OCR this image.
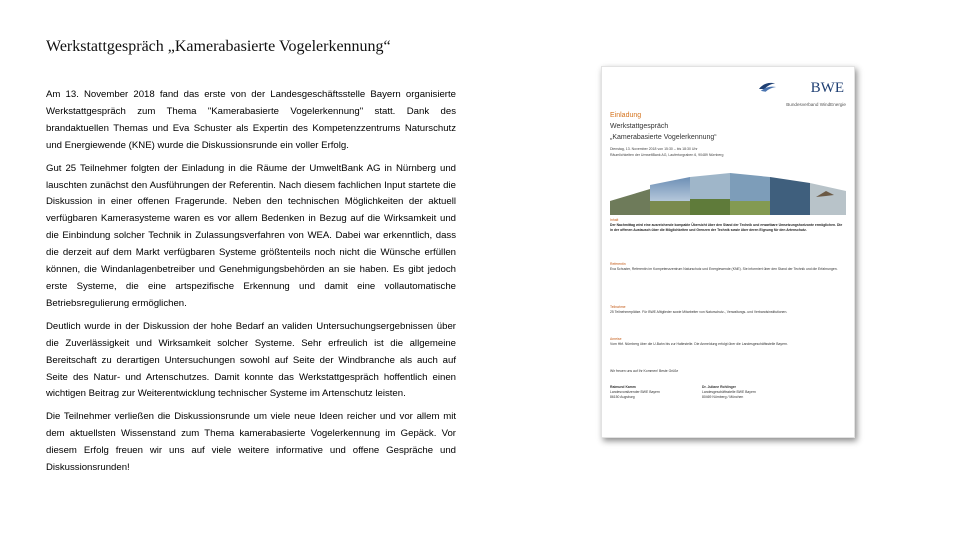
Werkstattgespräch „Kamerabasierte Vogelerkennung“

Am 13. November 2018 fand das erste von der Landesgeschäftsstelle Bayern organisierte Werkstattgespräch zum Thema "Kamerabasierte Vogelerkennung" statt. Dank des brandaktuellen Themas und Eva Schuster als Expertin des Kompetenzzentrums Naturschutz und Energiewende (KNE) wurde die Diskussionsrunde ein voller Erfolg.

Gut 25 Teilnehmer folgten der Einladung in die Räume der UmweltBank AG in Nürnberg und lauschten zunächst den Ausführungen der Referentin. Nach diesem fachlichen Input startete die Diskussion in einer offenen Fragerunde. Neben den technischen Möglichkeiten der aktuell verfügbaren Kamerasysteme waren es vor allem Bedenken in Bezug auf die Wirksamkeit und die Einbindung solcher Technik in Zulassungsverfahren von WEA. Dabei war erkenntlich, dass die derzeit auf dem Markt verfügbaren Systeme größtenteils noch nicht die Wünsche erfüllen können, die Windanlagenbetreiber und Genehmigungsbehörden an sie haben. Es gibt jedoch erste Systeme, die eine artspezifische Erkennung und damit eine vollautomatische Betriebsregulierung ermöglichen.

Deutlich wurde in der Diskussion der hohe Bedarf an validen Untersuchungsergebnissen über die Zuverlässigkeit und Wirksamkeit solcher Systeme. Sehr erfreulich ist die allgemeine Bereitschaft zu derartigen Untersuchungen sowohl auf Seite der Windbranche als auch auf Seite des Natur- und Artenschutzes. Damit konnte das Werkstattgespräch hoffentlich einen wichtigen Beitrag zur Weiterentwicklung technischer Systeme im Artenschutz leisten.

Die Teilnehmer verließen die Diskussionsrunde um viele neue Ideen reicher und vor allem mit dem aktuellsten Wissenstand zum Thema kamerabasierte Vogelerkennung im Gepäck. Vor diesem Erfolg freuen wir uns auf viele weitere informative und offene Gespräche und Diskussionsrunden!

BWE
Bundesverband WindEnergie
Einladung
Werkstattgespräch
„Kamerabasierte Vogelerkennung“
Dienstag, 13. November 2018 von 15:30 – bis 18:30 Uhr
Räumlichkeiten der UmweltBank AG, Laufertorgraben 6, 90489 Nürnberg
Inhalt
Der Nachmittag wird eine ausreichende kompakte Übersicht über den Stand der Technik und erwartbare Umsetzungshorizonte ermöglichen. Die in der offenen Austausch über die Möglichkeiten und Grenzen der Technik sowie über deren Eignung für den Artenschutz.
Referentin
Eva Schuster, Referentin im Kompetenzzentrum Naturschutz und Energiewende (KNE). Sie informiert über den Stand der Technik und die Erfahrungen.
Teilnahme
25 Teilnehmerplätze. Für BWE-Mitglieder sowie Mitarbeiter von Naturschutz-, Verwaltungs- und Verbandsinstitutionen.
Anreise
Vom Hbf. Nürnberg über die U-Bahn bis zur Haltestelle. Die Anmeldung erfolgt über die Landesgeschäftsstelle Bayern.
Wir freuen uns auf Ihr Kommen! Beste Grüße
Raimund Kamm
Landesvorsitzender BWE Bayern
86150 Augsburg
Dr. Juliane Rohlinger
Landesgeschäftsstelle BWE Bayern
80469 Nürnberg / München
